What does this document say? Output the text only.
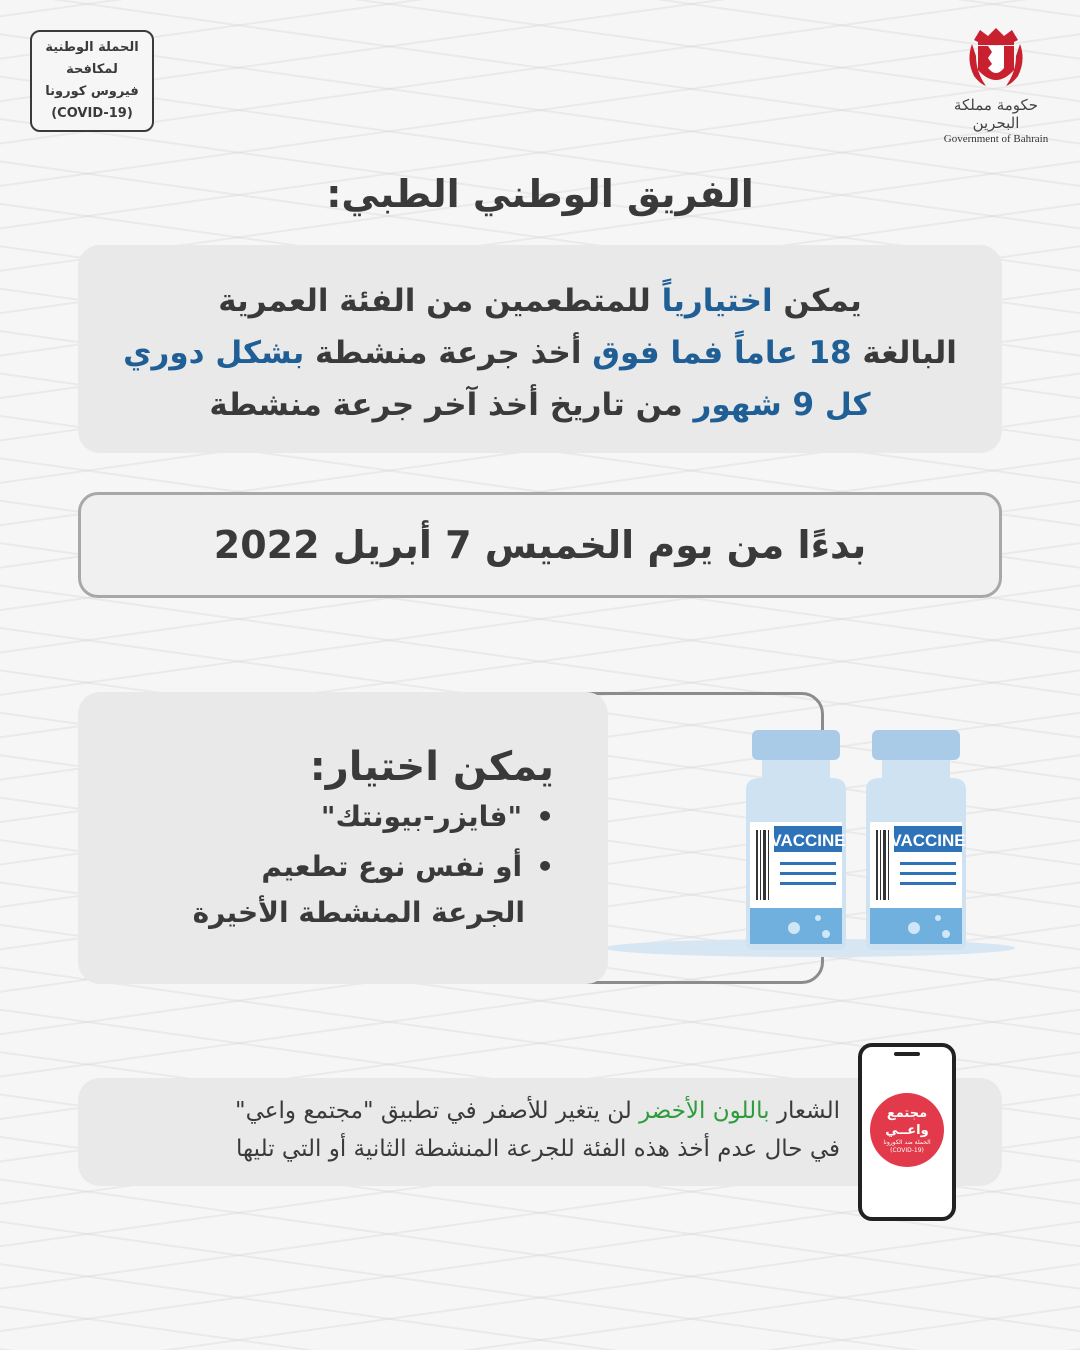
الحملة الوطنية
لمكافحة
فيروس كورونا
(COVID-19)	حكومة مملكة البحرين
Government of Bahrain
الفريق الوطني الطبي:
يمكن اختيارياً للمتطعمين من الفئة العمرية
البالغة 18 عاماً فما فوق أخذ جرعة منشطة بشكل دوري
كل 9 شهور من تاريخ أخذ آخر جرعة منشطة
بدءًا من يوم الخميس 7 أبريل 2022
VACCINE	VACCINE
يمكن اختيار:
• "فايزر-بيونتك"
• أو نفس نوع تطعيم
الجرعة المنشطة الأخيرة
الشعار باللون الأخضر لن يتغير للأصفر في تطبيق "مجتمع واعي"
في حال عدم أخذ هذه الفئة للجرعة المنشطة الثانية أو التي تليها
مجتمع
واعــي
الحملة ضد الكورونا
(COVID-19)
